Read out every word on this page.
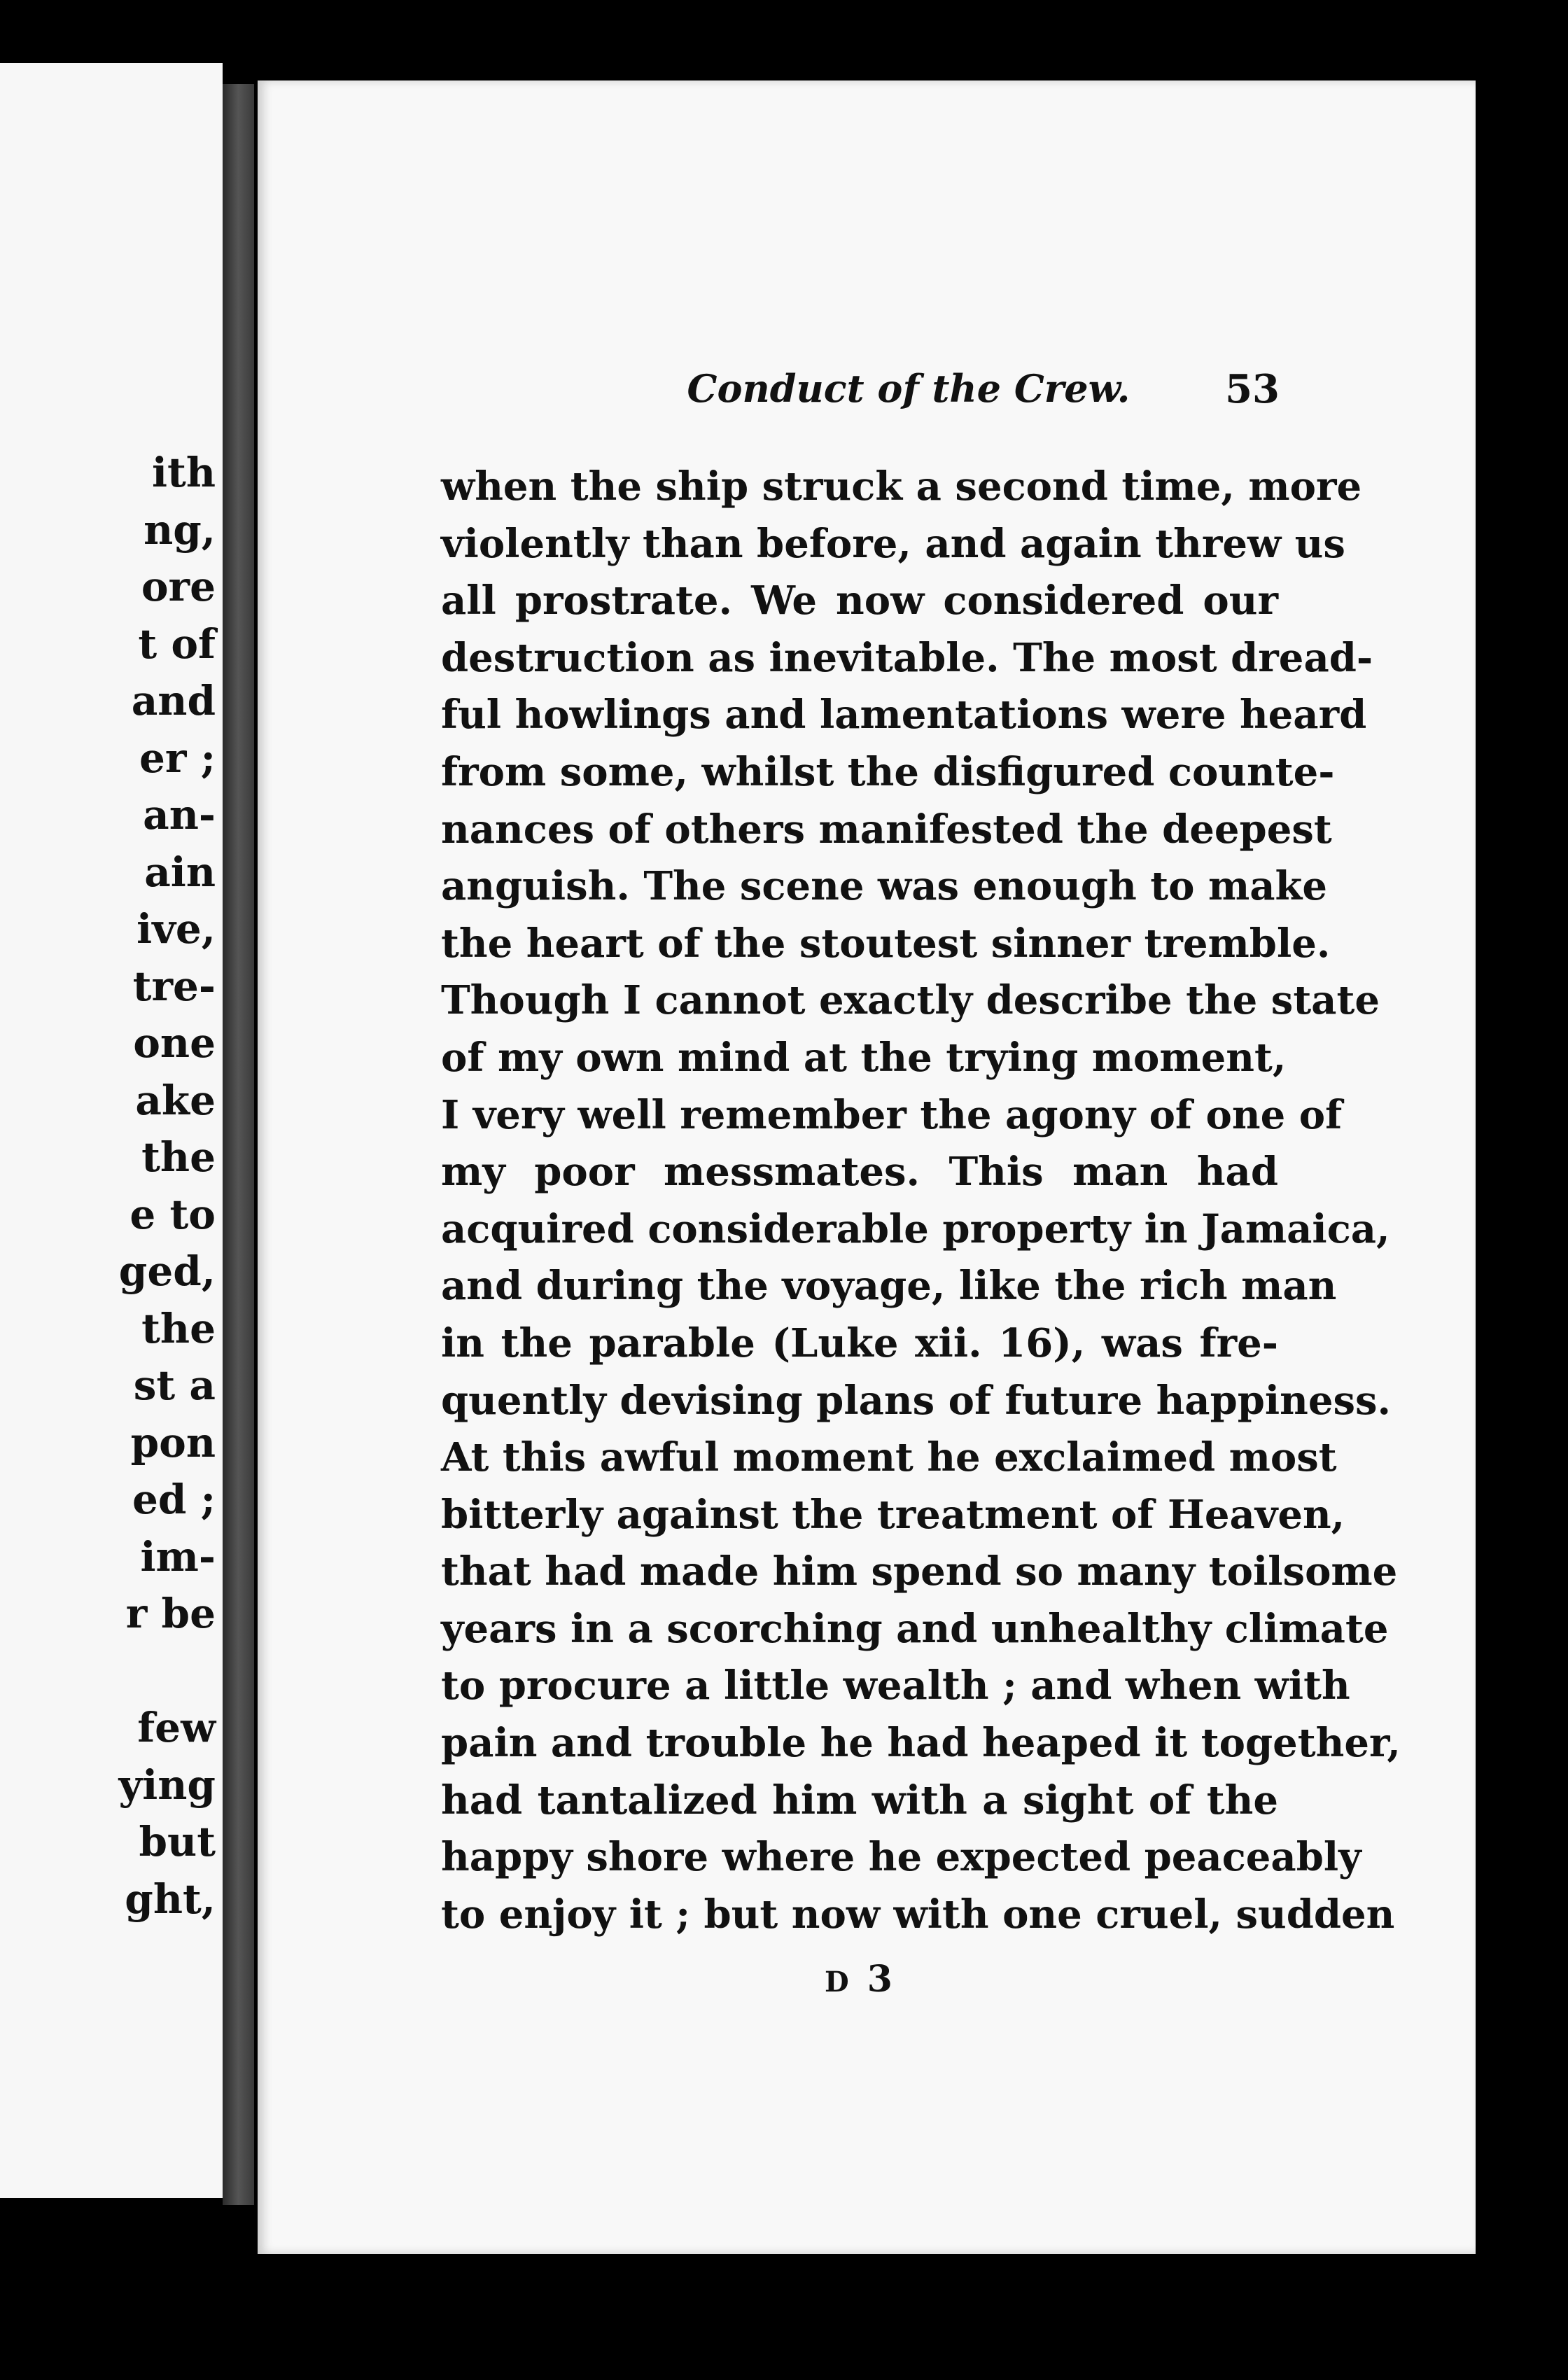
ith
ng,
ore
t of
and
er ;
an-
ain
ive,
tre-
one
ake
the
e to
ged,
the
st a
pon
ed ;
im-
r be

few
ying
but
ght,
Conduct of the Crew. 53
when the ship struck a second time, more
violently than before, and again threw us
all prostrate. We now considered our
destruction as inevitable. The most dread-
ful howlings and lamentations were heard
from some, whilst the disfigured counte-
nances of others manifested the deepest
anguish. The scene was enough to make
the heart of the stoutest sinner tremble.
Though I cannot exactly describe the state
of my own mind at the trying moment,
I very well remember the agony of one of
my poor messmates. This man had
acquired considerable property in Jamaica,
and during the voyage, like the rich man
in the parable (Luke xii. 16), was fre-
quently devising plans of future happiness.
At this awful moment he exclaimed most
bitterly against the treatment of Heaven,
that had made him spend so many toilsome
years in a scorching and unhealthy climate
to procure a little wealth ; and when with
pain and trouble he had heaped it together,
had tantalized him with a sight of the
happy shore where he expected peaceably
to enjoy it ; but now with one cruel, sudden
D 3
